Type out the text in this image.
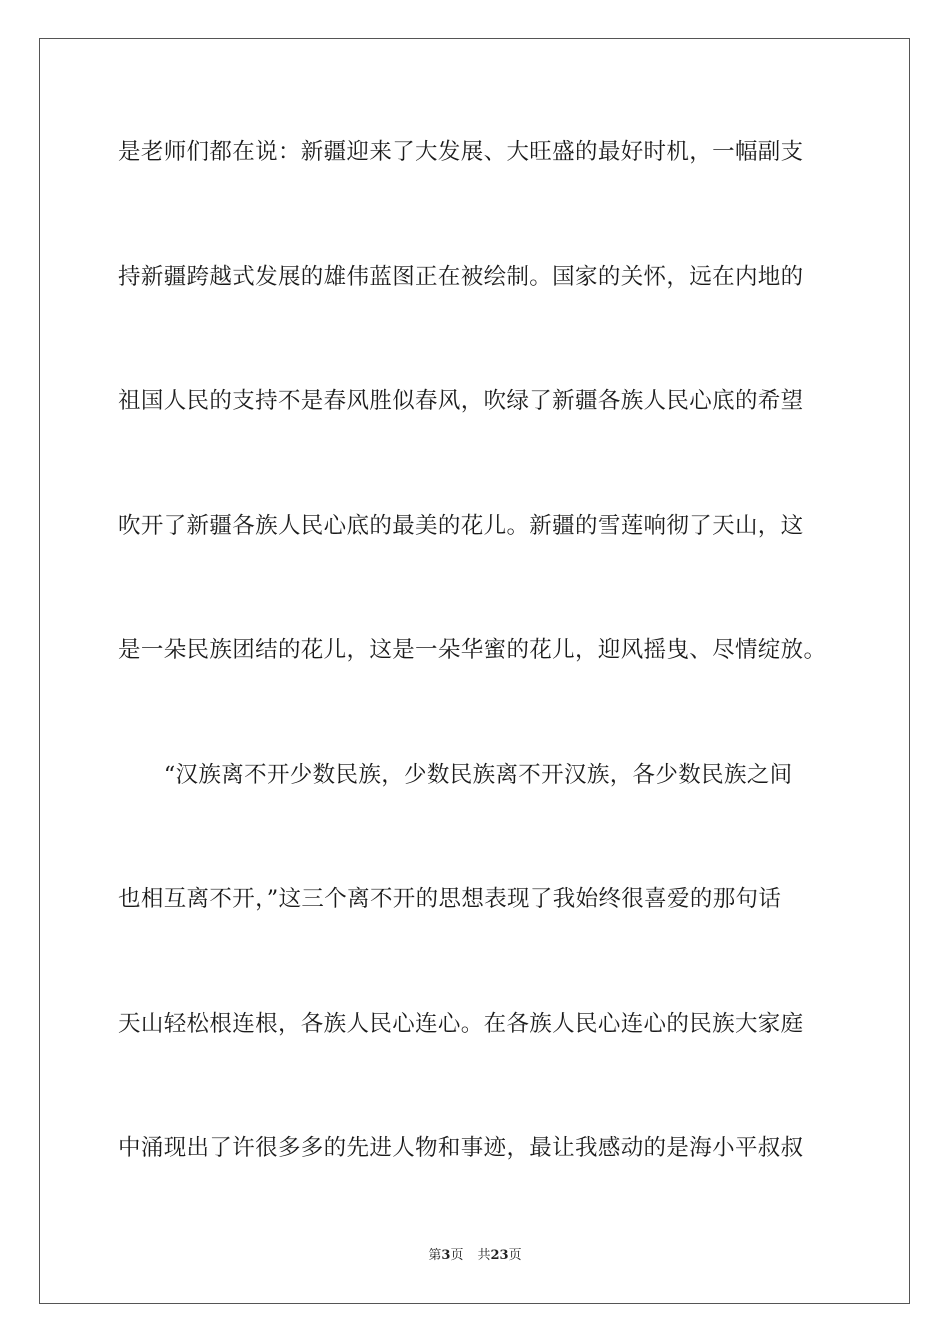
是老师们都在说：新疆迎来了大发展、大旺盛的最好时机，一幅副支
持新疆跨越式发展的雄伟蓝图正在被绘制。国家的关怀，远在内地的
祖国人民的支持不是春风胜似春风，吹绿了新疆各族人民心底的希望
吹开了新疆各族人民心底的最美的花儿。新疆的雪莲响彻了天山，这
是一朵民族团结的花儿，这是一朵华蜜的花儿，迎风摇曳、尽情绽放。
　　“汉族离不开少数民族，少数民族离不开汉族，各少数民族之间
也相互离不开，”这三个离不开的思想表现了我始终很喜爱的那句话
天山轻松根连根，各族人民心连心。在各族人民心连心的民族大家庭
中涌现出了许很多多的先进人物和事迹，最让我感动的是海小平叔叔
第3页 共23页
